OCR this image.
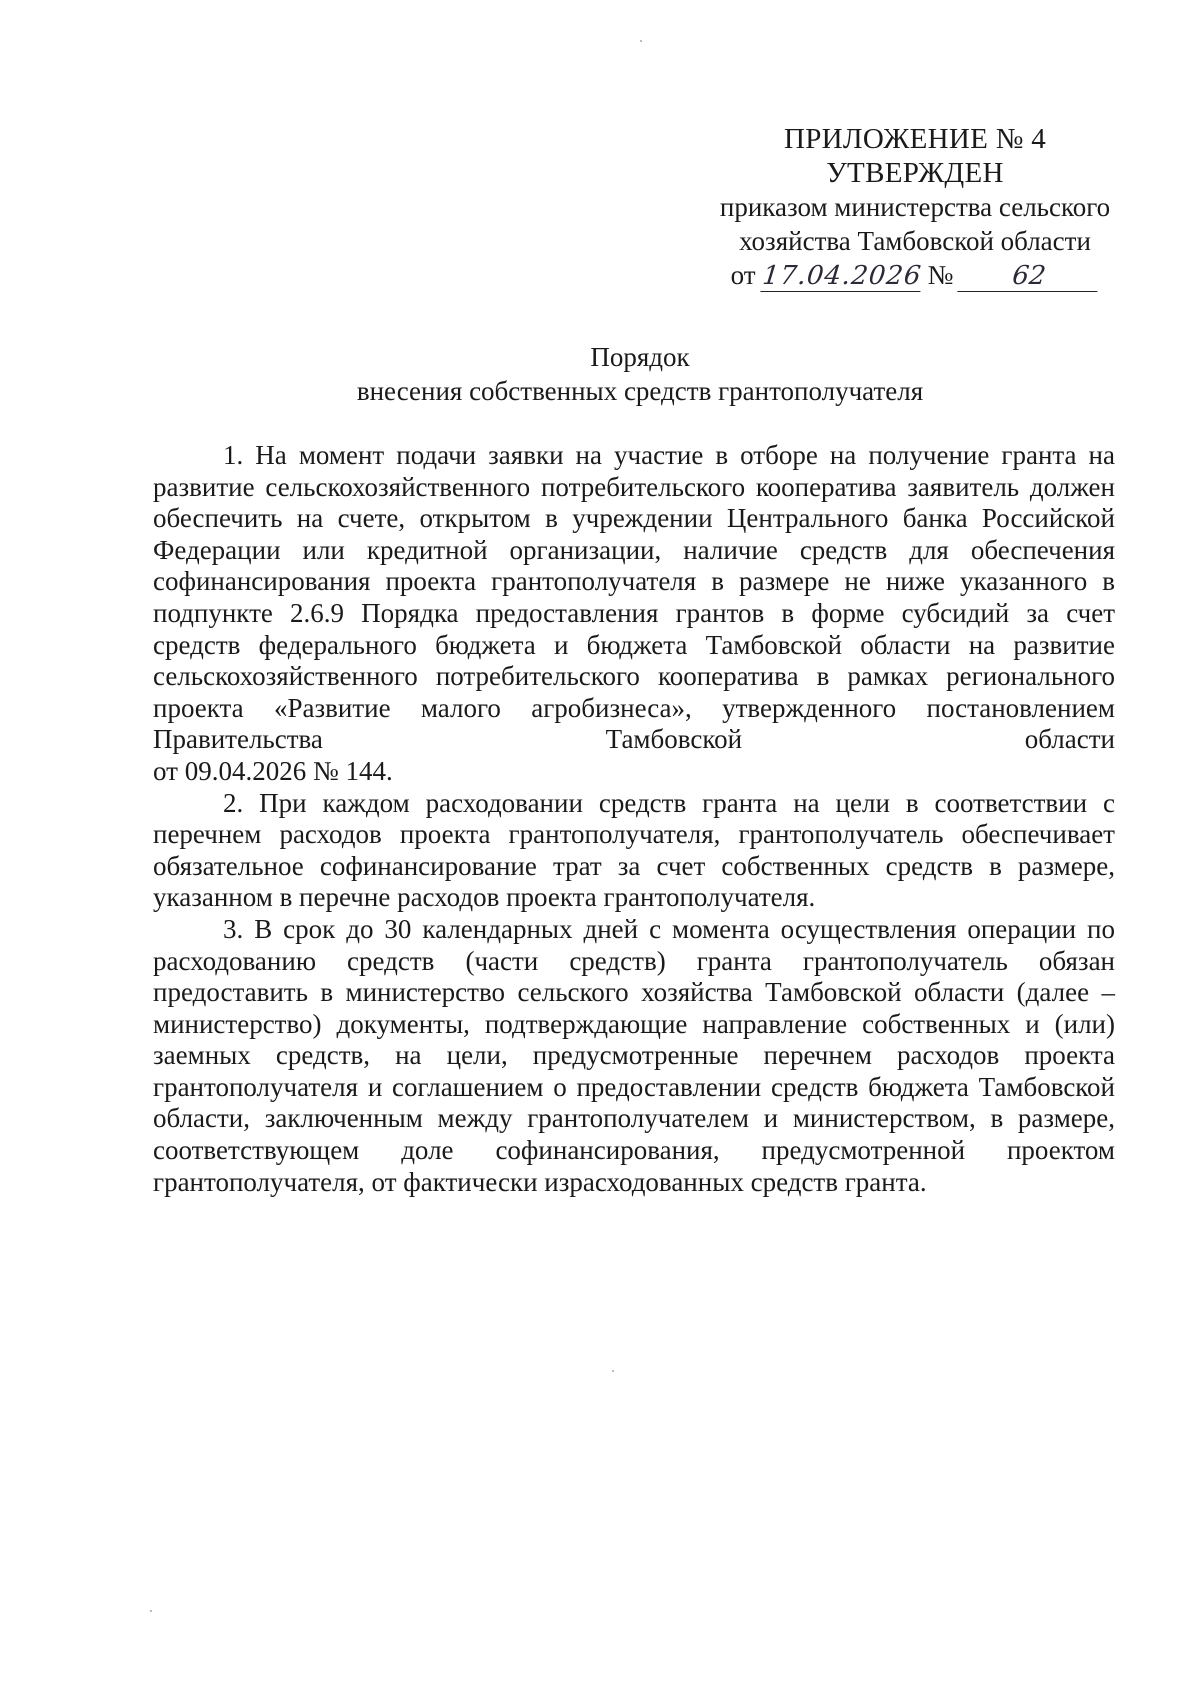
ПРИЛОЖЕНИЕ № 4
УТВЕРЖДЕН
приказом министерства сельского
хозяйства Тамбовской области
от 17.04.2026 №	62
Порядок
внесения собственных средств грантополучателя

1. На момент подачи заявки на участие в отборе на получение гранта на развитие сельскохозяйственного потребительского кооператива заявитель должен обеспечить на счете, открытом в учреждении Центрального банка Российской Федерации или кредитной организации, наличие средств для обеспечения софинансирования проекта грантополучателя в размере не ниже указанного в подпункте 2.6.9 Порядка предоставления грантов в форме субсидий за счет средств федерального бюджета и бюджета Тамбовской области на развитие сельскохозяйственного потребительского кооператива в рамках регионального проекта «Развитие малого агробизнеса», утвержденного постановлением Правительства Тамбовской области

от 09.04.2026 № 144.

2. При каждом расходовании средств гранта на цели в соответствии с перечнем расходов проекта грантополучателя, грантополучатель обеспечивает обязательное софинансирование трат за счет собственных средств в размере, указанном в перечне расходов проекта грантополучателя.

3. В срок до 30 календарных дней с момента осуществления операции по расходованию средств (части средств) гранта грантополучатель обязан предоставить в министерство сельского хозяйства Тамбовской области (далее – министерство) документы, подтверждающие направление собственных и (или) заемных средств, на цели, предусмотренные перечнем расходов проекта грантополучателя и соглашением о предоставлении средств бюджета Тамбовской области, заключенным между грантополучателем и министерством, в размере, соответствующем доле софинансирования, предусмотренной проектом грантополучателя, от фактически израсходованных средств гранта.
